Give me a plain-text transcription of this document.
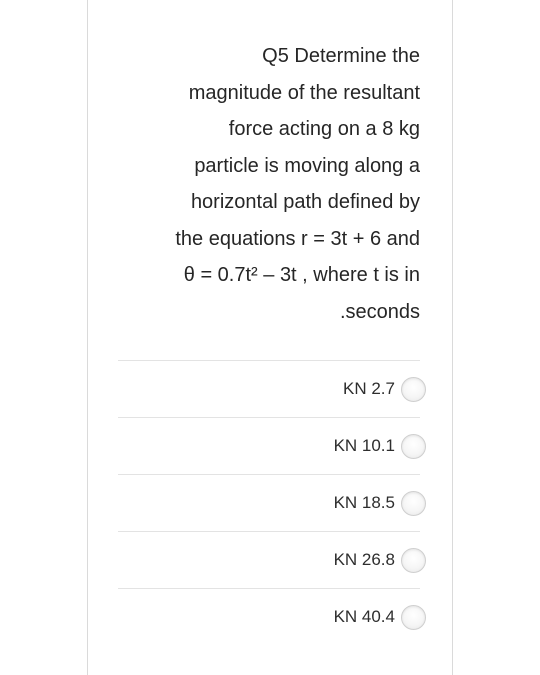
Q5 Determine the
magnitude of the resultant
force acting on a 8 kg
particle is moving along a
horizontal path defined by
the equations r = 3t + 6 and
θ = 0.7t² – 3t , where t is in
.seconds

KN 2.7
KN 10.1
KN 18.5
KN 26.8
KN 40.4
